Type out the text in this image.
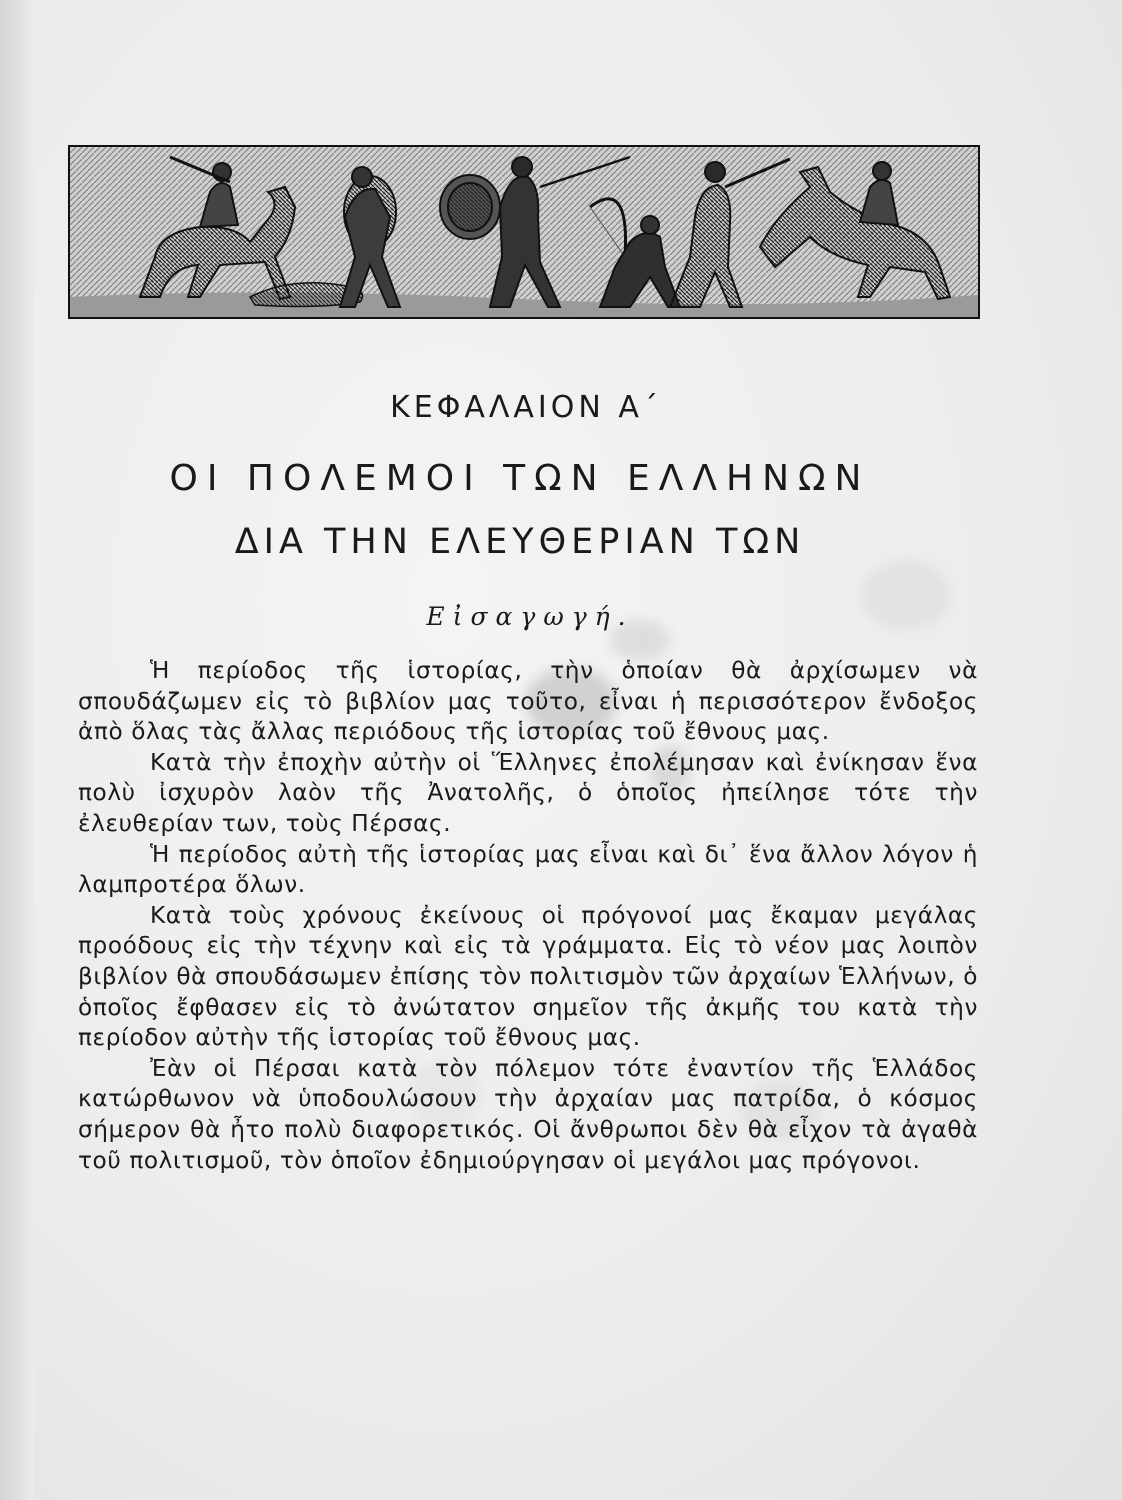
ΚΕΦΑΛΑΙΟΝ Α΄
ΟΙ ΠΟΛΕΜΟΙ ΤΩΝ ΕΛΛΗΝΩΝ
ΔΙΑ ΤΗΝ ΕΛΕΥΘΕΡΙΑΝ ΤΩΝ
Εἰσαγωγή.

Ἡ περίοδος τῆς ἱστορίας, τὴν ὁποίαν θὰ ἀρχίσωμεν νὰ σπουδάζωμεν εἰς τὸ βιβλίον μας τοῦτο, εἶναι ἡ περισσότερον ἔνδοξος ἀπὸ ὅλας τὰς ἄλλας περιόδους τῆς ἱστορίας τοῦ ἔθνους μας.

Κατὰ τὴν ἐποχὴν αὐτὴν οἱ Ἕλληνες ἐπολέμησαν καὶ ἐνίκησαν ἕνα πολὺ ἰσχυρὸν λαὸν τῆς Ἀνατολῆς, ὁ ὁποῖος ἠπείλησε τότε τὴν ἐλευθερίαν των, τοὺς Πέρσας.

Ἡ περίοδος αὐτὴ τῆς ἱστορίας μας εἶναι καὶ δι᾽ ἕνα ἄλλον λόγον ἡ λαμπροτέρα ὅλων.

Κατὰ τοὺς χρόνους ἐκείνους οἱ πρόγονοί μας ἔκαμαν μεγάλας προόδους εἰς τὴν τέχνην καὶ εἰς τὰ γράμματα. Εἰς τὸ νέον μας λοιπὸν βιβλίον θὰ σπουδάσωμεν ἐπίσης τὸν πολιτισμὸν τῶν ἀρχαίων Ἑλλήνων, ὁ ὁποῖος ἔφθασεν εἰς τὸ ἀνώτατον σημεῖον τῆς ἀκμῆς του κατὰ τὴν περίοδον αὐτὴν τῆς ἱστορίας τοῦ ἔθνους μας.

Ἐὰν οἱ Πέρσαι κατὰ τὸν πόλεμον τότε ἐναντίον τῆς Ἑλλάδος κατώρθωνον νὰ ὑποδουλώσουν τὴν ἀρχαίαν μας πατρίδα, ὁ κόσμος σήμερον θὰ ἦτο πολὺ διαφορετικός. Οἱ ἄνθρωποι δὲν θὰ εἶχον τὰ ἀγαθὰ τοῦ πολιτισμοῦ, τὸν ὁποῖον ἐδημιούργησαν οἱ μεγάλοι μας πρόγονοι.
